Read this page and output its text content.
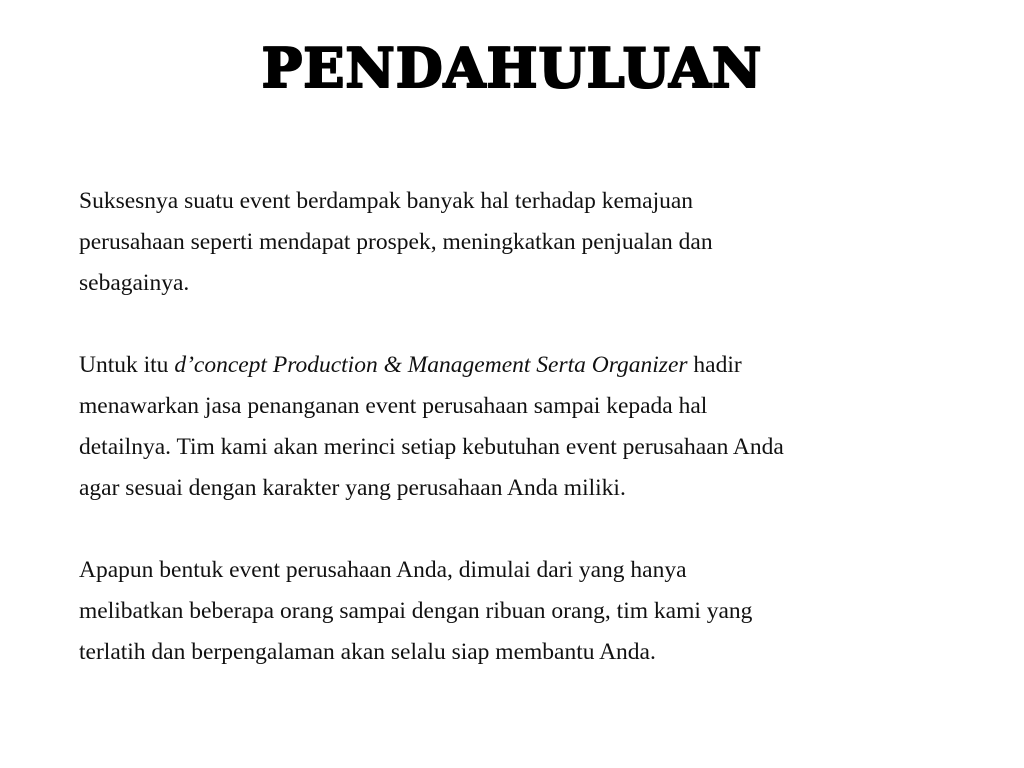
PENDAHULUAN

Suksesnya suatu event berdampak banyak hal terhadap kemajuan
perusahaan seperti mendapat prospek, meningkatkan penjualan dan
sebagainya.

Untuk itu d’concept Production & Management Serta Organizer hadir
menawarkan jasa penanganan event perusahaan sampai kepada hal
detailnya. Tim kami akan merinci setiap kebutuhan event perusahaan Anda
agar sesuai dengan karakter yang perusahaan Anda miliki.

Apapun bentuk event perusahaan Anda, dimulai dari yang hanya
melibatkan beberapa orang sampai dengan ribuan orang, tim kami yang
terlatih dan berpengalaman akan selalu siap membantu Anda.
